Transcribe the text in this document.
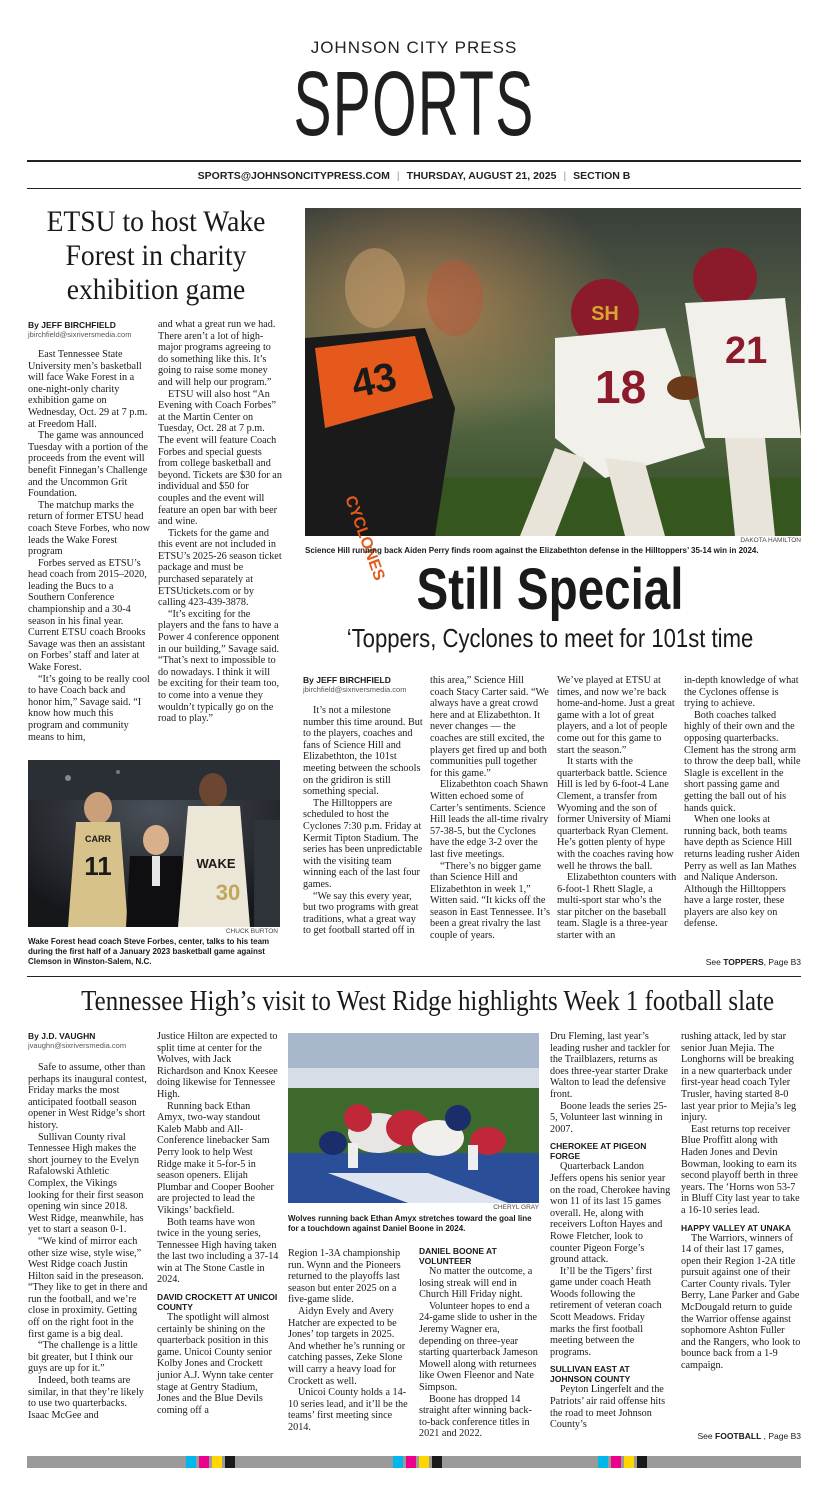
JOHNSON CITY PRESS
SPORTS
SPORTS@JOHNSONCITYPRESS.COM | THURSDAY, AUGUST 21, 2025 | SECTION B
ETSU to host Wake Forest in charity exhibition game
By JEFF BIRCHFIELD
jbirchfield@sixriversmedia.com

East Tennessee State University men’s basketball will face Wake Forest in a one-night-only charity exhibition game on Wednesday, Oct. 29 at 7 p.m. at Freedom Hall.

The game was announced Tuesday with a portion of the proceeds from the event will benefit Finnegan’s Challenge and the Uncommon Grit Foundation.

The matchup marks the return of former ETSU head coach Steve Forbes, who now leads the Wake Forest program

Forbes served as ETSU’s head coach from 2015–2020, leading the Bucs to a Southern Conference championship and a 30-4 season in his final year. Current ETSU coach Brooks Savage was then an assistant on Forbes’ staff and later at Wake Forest.

“It’s going to be really cool to have Coach back and honor him,” Savage said. “I know how much this program and community means to him,

and what a great run we had. There aren’t a lot of high-major programs agreeing to do something like this. It’s going to raise some money and will help our program.”

ETSU will also host “An Evening with Coach Forbes” at the Martin Center on Tuesday, Oct. 28 at 7 p.m. The event will feature Coach Forbes and special guests from college basketball and beyond. Tickets are $30 for an individual and $50 for couples and the event will feature an open bar with beer and wine.

Tickets for the game and this event are not included in ETSU’s 2025-26 season ticket package and must be purchased separately at ETSUtickets.com or by calling 423-439-3878.

“It’s exciting for the players and the fans to have a Power 4 conference opponent in our building,” Savage said. “That’s next to impossible to do nowadays. I think it will be exciting for their team too, to come into a venue they wouldn’t typically go on the road to play.”

11
CARR
WAKE
30
CHUCK BURTON
Wake Forest head coach Steve Forbes, center, talks to his team during the first half of a January 2023 basketball game against Clemson in Winston-Salem, N.C.
43
CYCLONES
SH
18
21
DAKOTA HAMILTON
Science Hill running back Aiden Perry finds room against the Elizabethton defense in the Hilltoppers’ 35-14 win in 2024.
Still Special
‘Toppers, Cyclones to meet for 101st time
By JEFF BIRCHFIELD
jbirchfield@sixriversmedia.com

It’s not a milestone number this time around. But to the players, coaches and fans of Science Hill and Elizabethton, the 101st meeting between the schools on the gridiron is still something special.

The Hilltoppers are scheduled to host the Cyclones 7:30 p.m. Friday at Kermit Tipton Stadium. The series has been unpredictable with the visiting team winning each of the last four games.

“We say this every year, but two programs with great traditions, what a great way to get football started off in

this area,” Science Hill coach Stacy Carter said. “We always have a great crowd here and at Elizabethton. It never changes — the coaches are still excited, the players get fired up and both communities pull together for this game.”

Elizabethton coach Shawn Witten echoed some of Carter’s sentiments. Science Hill leads the all-time rivalry 57-38-5, but the Cyclones have the edge 3-2 over the last five meetings.

“There’s no bigger game than Science Hill and Elizabethton in week 1,” Witten said. “It kicks off the season in East Tennessee. It’s been a great rivalry the last couple of years.

We’ve played at ETSU at times, and now we’re back home-and-home. Just a great game with a lot of great players, and a lot of people come out for this game to start the season.”

It starts with the quarterback battle. Science Hill is led by 6-foot-4 Lane Clement, a transfer from Wyoming and the son of former University of Miami quarterback Ryan Clement. He’s gotten plenty of hype with the coaches raving how well he throws the ball.

Elizabethton counters with 6-foot-1 Rhett Slagle, a multi-sport star who’s the star pitcher on the baseball team. Slagle is a three-year starter with an

in-depth knowledge of what the Cyclones offense is trying to achieve.

Both coaches talked highly of their own and the opposing quarterbacks. Clement has the strong arm to throw the deep ball, while Slagle is excellent in the short passing game and getting the ball out of his hands quick.

When one looks at running back, both teams have depth as Science Hill returns leading rusher Aiden Perry as well as Ian Mathes and Nalique Anderson. Although the Hilltoppers have a large roster, these players are also key on defense.

See TOPPERS, Page B3
Tennessee High’s visit to West Ridge highlights Week 1 football slate
By J.D. VAUGHN
jvaughn@sixriversmedia.com

Safe to assume, other than perhaps its inaugural contest, Friday marks the most anticipated football season opener in West Ridge’s short history.

Sullivan County rival Tennessee High makes the short journey to the Evelyn Rafalowski Athletic Complex, the Vikings looking for their first season opening win since 2018. West Ridge, meanwhile, has yet to start a season 0-1.

“We kind of mirror each other size wise, style wise,” West Ridge coach Justin Hilton said in the preseason. “They like to get in there and run the football, and we’re close in proximity. Getting off on the right foot in the first game is a big deal.

“The challenge is a little bit greater, but I think our guys are up for it.”

Indeed, both teams are similar, in that they’re likely to use two quarterbacks. Isaac McGee and

Justice Hilton are expected to split time at center for the Wolves, with Jack Richardson and Knox Keesee doing likewise for Tennessee High.

Running back Ethan Amyx, two-way standout Kaleb Mabb and All-Conference linebacker Sam Perry look to help West Ridge make it 5-for-5 in season openers. Elijah Plumbar and Cooper Booher are projected to lead the Vikings’ backfield.

Both teams have won twice in the young series, Tennessee High having taken the last two including a 37-14 win at The Stone Castle in 2024.

DAVID CROCKETT AT UNICOI COUNTY

The spotlight will almost certainly be shining on the quarterback position in this game. Unicoi County senior Kolby Jones and Crockett junior A.J. Wynn take center stage at Gentry Stadium, Jones and the Blue Devils coming off a

CHERYL GRAY
Wolves running back Ethan Amyx stretches toward the goal line for a touchdown against Daniel Boone in 2024.

Region 1-3A championship run. Wynn and the Pioneers returned to the playoffs last season but enter 2025 on a five-game slide.

Aidyn Evely and Avery Hatcher are expected to be Jones’ top targets in 2025. And whether he’s running or catching passes, Zeke Slone will carry a heavy load for Crockett as well.

Unicoi County holds a 14-10 series lead, and it’ll be the teams’ first meeting since 2014.

DANIEL BOONE AT VOLUNTEER

No matter the outcome, a losing streak will end in Church Hill Friday night.

Volunteer hopes to end a 24-game slide to usher in the Jeremy Wagner era, depending on three-year starting quarterback Jameson Mowell along with returnees like Owen Fleenor and Nate Simpson.

Boone has dropped 14 straight after winning back-to-back conference titles in 2021 and 2022.

Dru Fleming, last year’s leading rusher and tackler for the Trailblazers, returns as does three-year starter Drake Walton to lead the defensive front.

Boone leads the series 25-5, Volunteer last winning in 2007.

CHEROKEE AT PIGEON FORGE

Quarterback Landon Jeffers opens his senior year on the road, Cherokee having won 11 of its last 15 games overall. He, along with receivers Lofton Hayes and Rowe Fletcher, look to counter Pigeon Forge’s ground attack.

It’ll be the Tigers’ first game under coach Heath Woods following the retirement of veteran coach Scott Meadows. Friday marks the first football meeting between the programs.

SULLIVAN EAST AT JOHNSON COUNTY

Peyton Lingerfelt and the Patriots’ air raid offense hits the road to meet Johnson County’s

rushing attack, led by star senior Juan Mejia. The Longhorns will be breaking in a new quarterback under first-year head coach Tyler Trusler, having started 8-0 last year prior to Mejia’s leg injury.

East returns top receiver Blue Proffitt along with Haden Jones and Devin Bowman, looking to earn its second playoff berth in three years. The ‘Horns won 53-7 in Bluff City last year to take a 16-10 series lead.

HAPPY VALLEY AT UNAKA

The Warriors, winners of 14 of their last 17 games, open their Region 1-2A title pursuit against one of their Carter County rivals. Tyler Berry, Lane Parker and Gabe McDougald return to guide the Warrior offense against sophomore Ashton Fuller and the Rangers, who look to bounce back from a 1-9 campaign.

See FOOTBALL , Page B3
